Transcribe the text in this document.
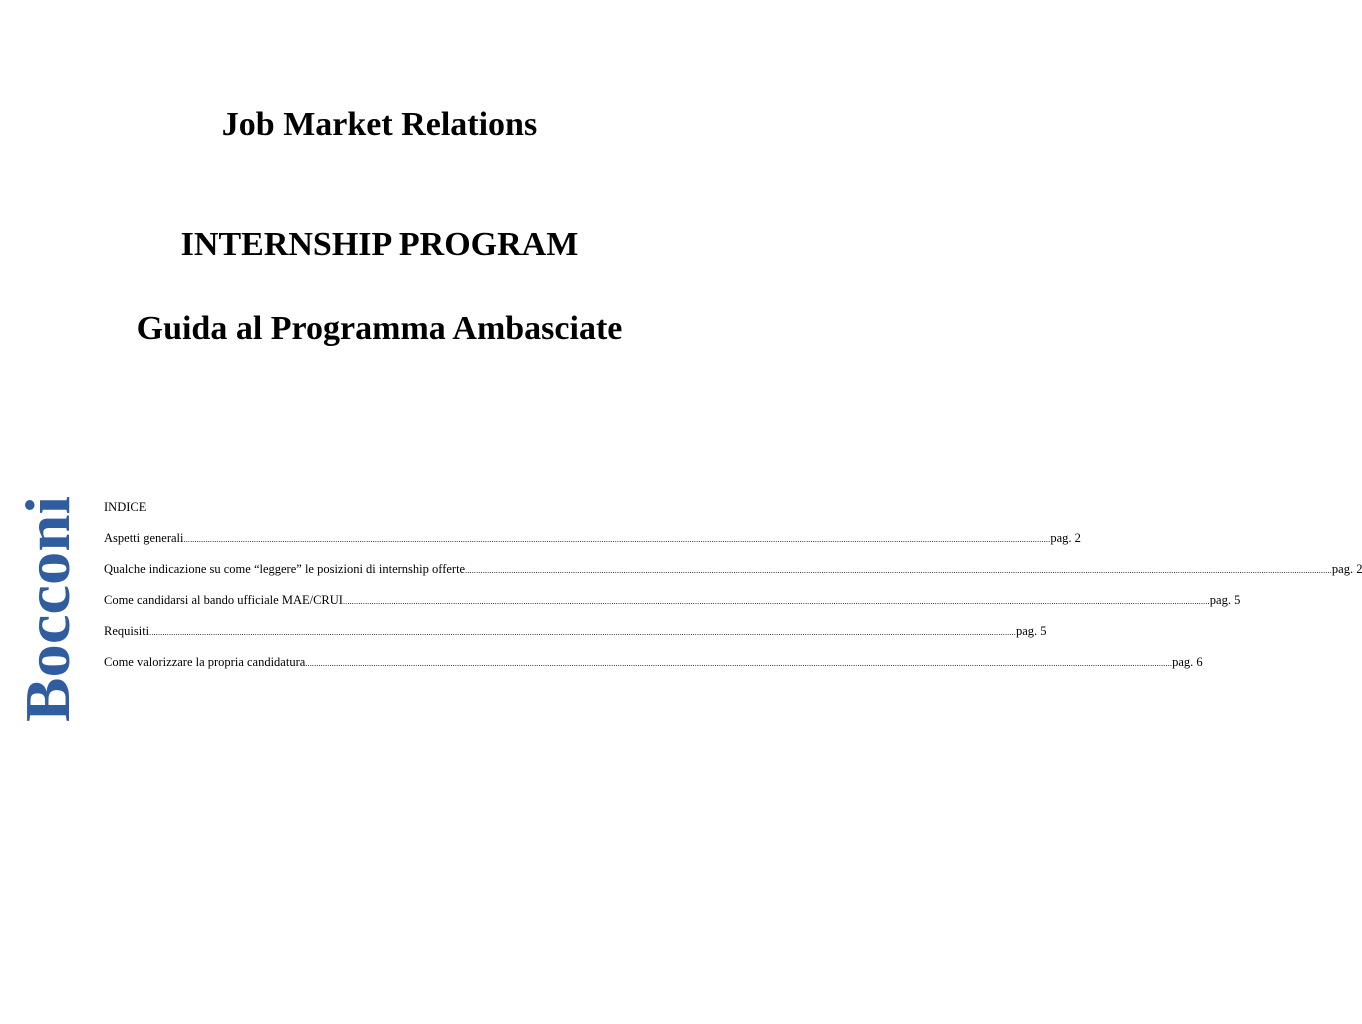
Job Market Relations
INTERNSHIP PROGRAM
Guida al Programma Ambasciate
Bocconi INDICE
Aspetti generali .....	pag. 2
Qualche indicazione su come “leggere” le posizioni di internship offerte .....	pag. 2
Come candidarsi al bando ufficiale MAE/CRUI .....	pag. 5
Requisiti .....	pag. 5
Come valorizzare la propria candidatura .....	pag. 6
